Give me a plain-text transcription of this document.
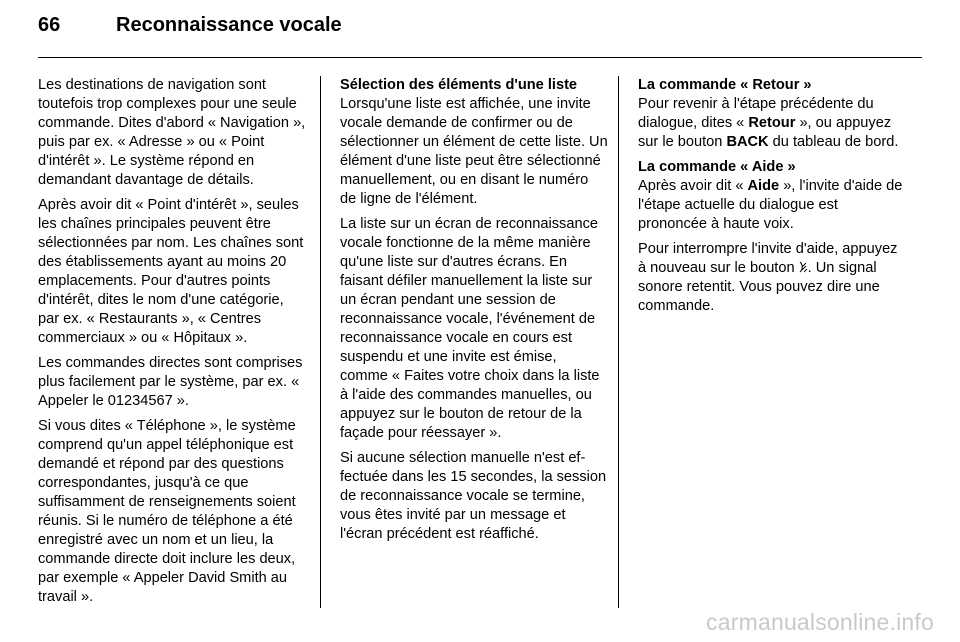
66	Reconnaissance vocale

Les destinations de navigation sont toutefois trop complexes pour une seule commande. Dites d'abord « Navigation », puis par ex. « Adresse » ou « Point d'intérêt ». Le système répond en demandant davantage de détails.

Après avoir dit « Point d'intérêt », seules les chaînes principales peuvent être sélectionnées par nom. Les chaînes sont des établissements ayant au moins 20 emplacements. Pour d'autres points d'intérêt, dites le nom d'une catégorie, par ex. « Restaurants », « Centres commerciaux » ou « Hôpitaux ».

Les commandes directes sont comprises plus facilement par le système, par ex. « Appeler le 01234567 ».

Si vous dites « Téléphone », le système comprend qu'un appel téléphonique est demandé et répond par des questions correspondantes, jusqu'à ce que suffisamment de renseignements soient réunis. Si le numéro de téléphone a été enregistré avec un nom et un lieu, la commande directe doit inclure les deux, par exemple « Appeler David Smith au travail ».

Sélection des éléments d'une liste
Lorsqu'une liste est affichée, une invite vocale demande de confirmer ou de sélectionner un élément de cette liste. Un élément d'une liste peut être sélectionné manuellement, ou en disant le numéro de ligne de l'élément.

La liste sur un écran de reconnaissance vocale fonctionne de la même manière qu'une liste sur d'autres écrans. En faisant défiler manuellement la liste sur un écran pendant une session de reconnaissance vocale, l'événement de reconnaissance vocale en cours est suspendu et une invite est émise, comme « Faites votre choix dans la liste à l'aide des commandes manuelles, ou appuyez sur le bouton de retour de la façade pour réessayer ».

Si aucune sélection manuelle n'est effectuée dans les 15 secondes, la session de reconnaissance vocale se termine, vous êtes invité par un message et l'écran précédent est réaffiché.

La commande « Retour »
Pour revenir à l'étape précédente du dialogue, dites « Retour », ou appuyez sur le bouton BACK du tableau de bord.

La commande « Aide »
Après avoir dit « Aide », l'invite d'aide de l'étape actuelle du dialogue est prononcée à haute voix.

Pour interrompre l'invite d'aide, appuyez à nouveau sur le bouton . Un signal sonore retentit. Vous pouvez dire une commande.

carmanualsonline.info
